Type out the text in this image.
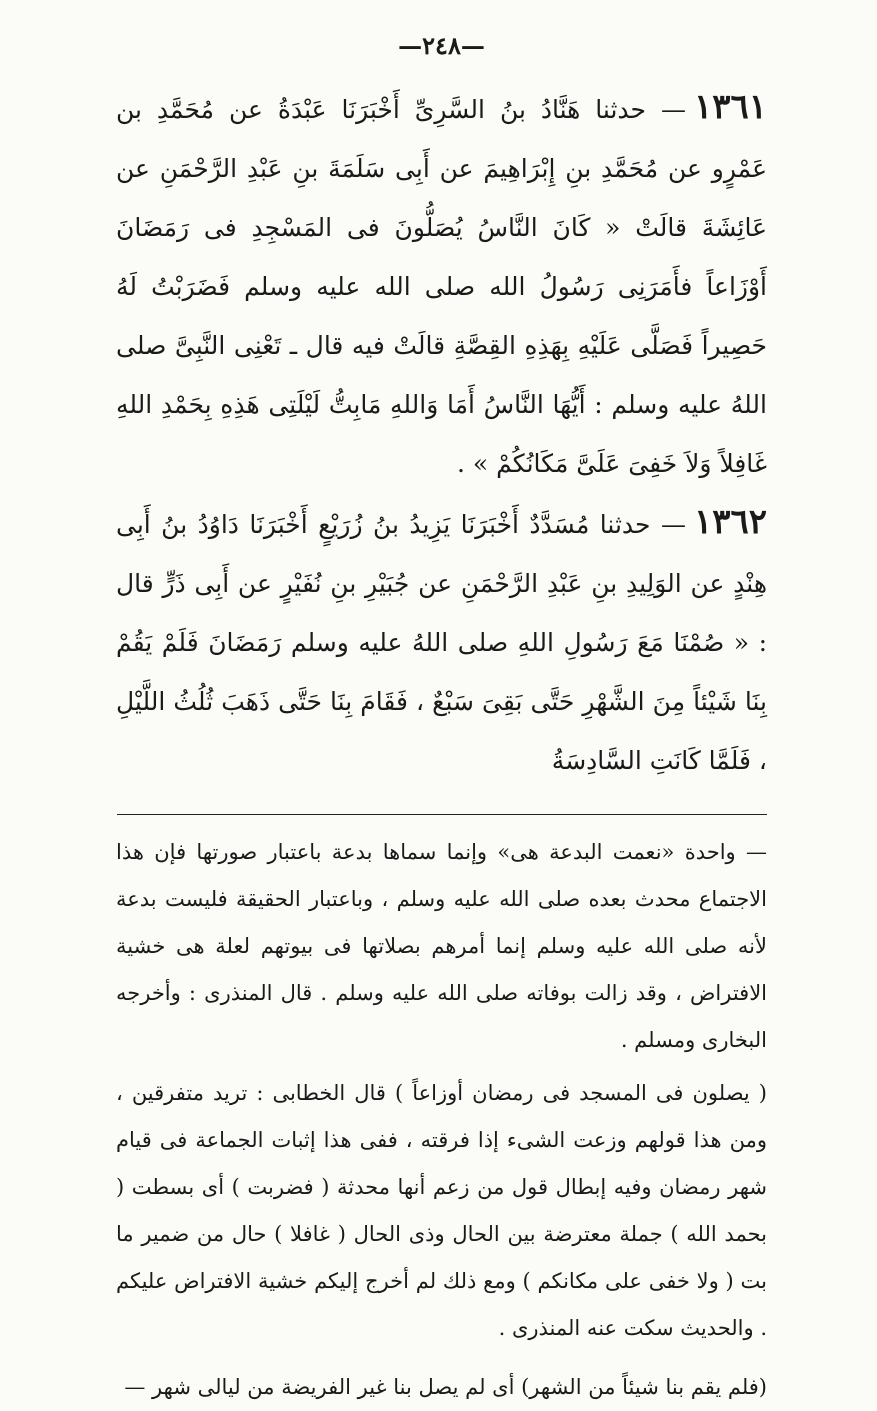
—٢٤٨—

١٣٦١— حدثنا هَنَّادُ بنُ السَّرِىِّ أَخْبَرَنَا عَبْدَةُ عن مُحَمَّدِ بن عَمْرٍو عن مُحَمَّدِ بنِ إِبْرَاهِيمَ عن أَبِى سَلَمَةَ بنِ عَبْدِ الرَّحْمَنِ عن عَائِشَةَ قالَتْ « كَانَ النَّاسُ يُصَلُّونَ فى المَسْجِدِ فى رَمَضَانَ أَوْزَاعاً فأَمَرَنِى رَسُولُ الله صلى الله عليه وسلم فَضَرَبْتُ لَهُ حَصِيراً فَصَلَّى عَلَيْهِ بِهَذِهِ القِصَّةِ قالَتْ فيه قال ـ تَعْنِى النَّبِىَّ صلى اللهُ عليه وسلم : أَيُّهَا النَّاسُ أَمَا وَاللهِ مَابِتُّ لَيْلَتِى هَذِهِ بِحَمْدِ اللهِ غَافِلاً وَلاَ خَفِىَ عَلَىَّ مَكَانُكُمْ » .

١٣٦٢— حدثنا مُسَدَّدٌ أَخْبَرَنَا يَزِيدُ بنُ زُرَيْعٍ أَخْبَرَنَا دَاوُدُ بنُ أَبِى هِنْدٍ عن الوَلِيدِ بنِ عَبْدِ الرَّحْمَنِ عن جُبَيْرِ بنِ نُفَيْرٍ عن أَبِى ذَرٍّ قال : « صُمْنَا مَعَ رَسُولِ اللهِ صلى اللهُ عليه وسلم رَمَضَانَ فَلَمْ يَقُمْ بِنَا شَيْئاً مِنَ الشَّهْرِ حَتَّى بَقِىَ سَبْعٌ ، فَقَامَ بِنَا حَتَّى ذَهَبَ ثُلُثُ اللَّيْلِ ، فَلَمَّا كَانَتِ السَّادِسَةُ

— واحدة «نعمت البدعة هى» وإنما سماها بدعة باعتبار صورتها فإن هذا الاجتماع محدث بعده صلى الله عليه وسلم ، وباعتبار الحقيقة فليست بدعة لأنه صلى الله عليه وسلم إنما أمرهم بصلاتها فى بيوتهم لعلة هى خشية الافتراض ، وقد زالت بوفاته صلى الله عليه وسلم . قال المنذرى : وأخرجه البخارى ومسلم .

( يصلون فى المسجد فى رمضان أوزاعاً ) قال الخطابى : تريد متفرقين ، ومن هذا قولهم وزعت الشىء إذا فرقته ، ففى هذا إثبات الجماعة فى قيام شهر رمضان وفيه إبطال قول من زعم أنها محدثة ( فضربت ) أى بسطت ( بحمد الله ) جملة معترضة بين الحال وذى الحال ( غافلا ) حال من ضمير ما بت ( ولا خفى على مكانكم ) ومع ذلك لم أخرج إليكم خشية الافتراض عليكم . والحديث سكت عنه المنذرى .

(فلم يقم بنا شيئاً من الشهر) أى لم يصل بنا غير الفريضة من ليالى شهر —
